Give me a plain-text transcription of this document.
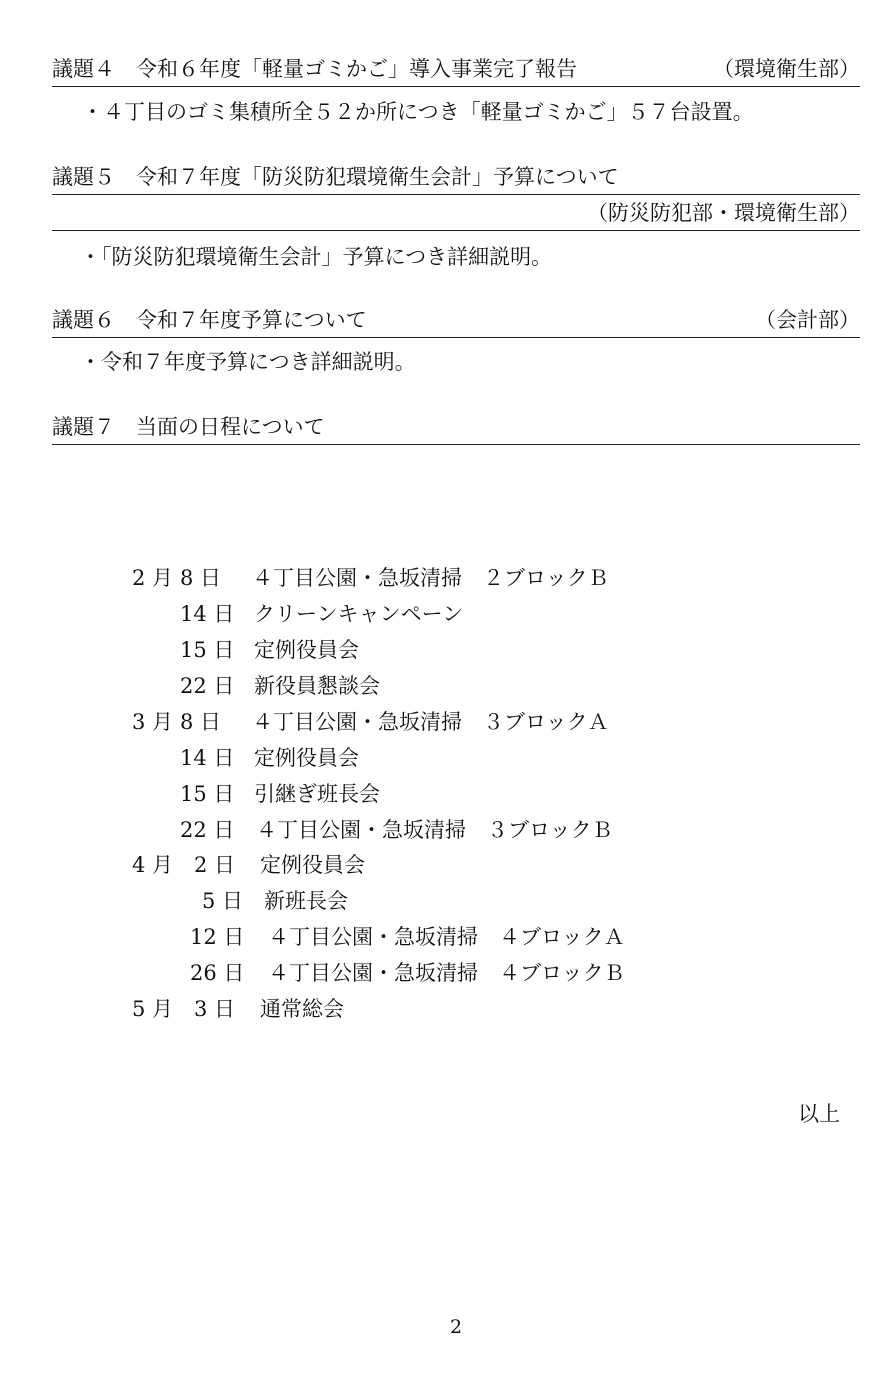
議題４　令和６年度「軽量ゴミかご」導入事業完了報告	（環境衛生部）
・４丁目のゴミ集積所全５２か所につき「軽量ゴミかご」５７台設置。
議題５　令和７年度「防災防犯環境衛生会計」予算について
（防災防犯部・環境衛生部）
・「防災防犯環境衛生会計」予算につき詳細説明。
議題６　令和７年度予算について	（会計部）
・令和７年度予算につき詳細説明。
議題７　当面の日程について
2 月 8 日 ４丁目公園・急坂清掃　２ブロックＢ
14 日 クリーンキャンペーン
15 日 定例役員会
22 日 新役員懇談会
3 月 8 日 ４丁目公園・急坂清掃　３ブロックＡ
14 日 定例役員会
15 日 引継ぎ班長会
22 日 ４丁目公園・急坂清掃　３ブロックＢ
4 月 2 日 定例役員会
5 日 新班長会
12 日 ４丁目公園・急坂清掃　４ブロックＡ
26 日 ４丁目公園・急坂清掃　４ブロックＢ
5 月 3 日 通常総会
以上
2
